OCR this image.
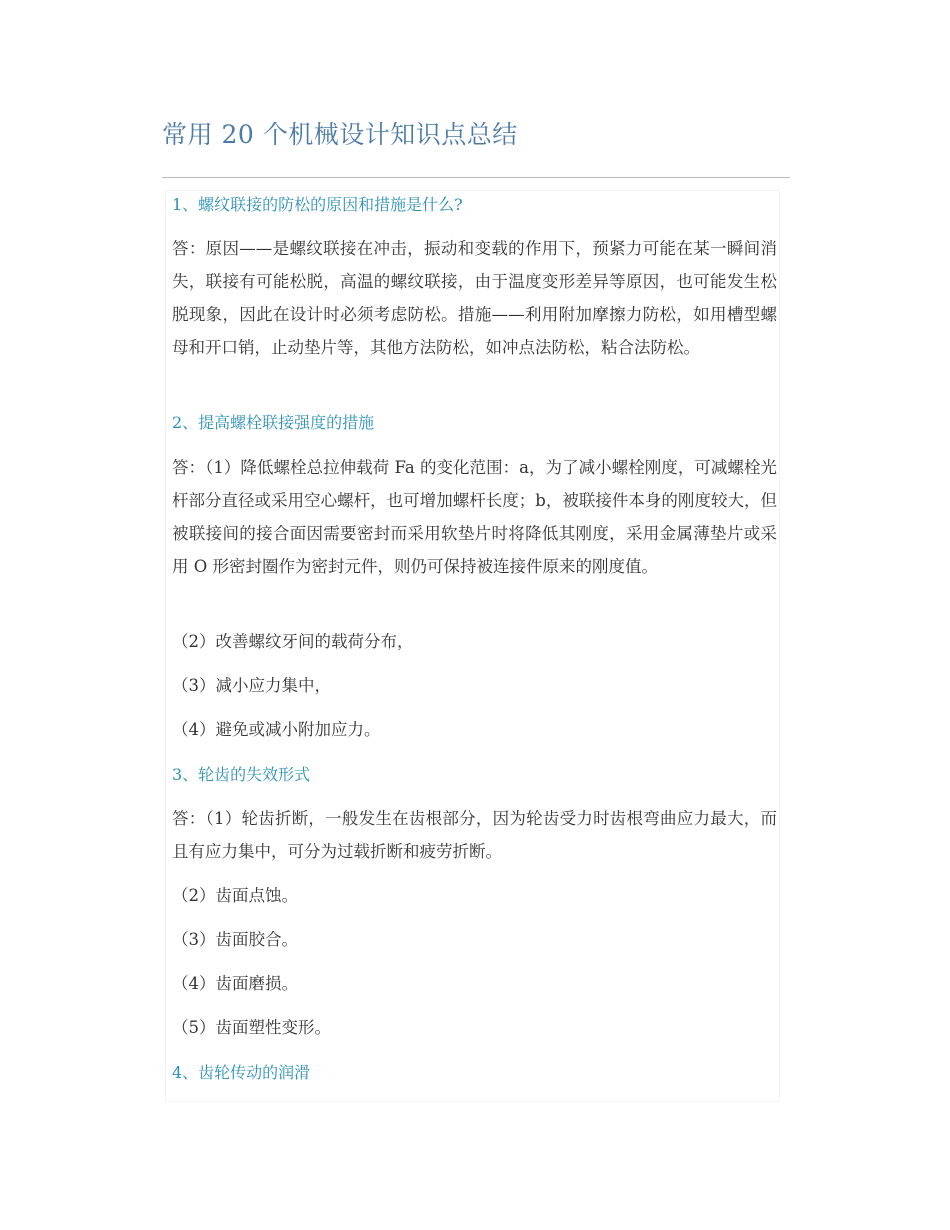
常用 20 个机械设计知识点总结
1、螺纹联接的防松的原因和措施是什么?
答：原因——是螺纹联接在冲击，振动和变载的作用下，预紧力可能在某一瞬间消失，联接有可能松脱，高温的螺纹联接，由于温度变形差异等原因，也可能发生松脱现象，因此在设计时必须考虑防松。措施——利用附加摩擦力防松，如用槽型螺母和开口销，止动垫片等，其他方法防松，如冲点法防松，粘合法防松。
2、提高螺栓联接强度的措施
答：（1）降低螺栓总拉伸载荷 Fa 的变化范围：a，为了减小螺栓刚度，可减螺栓光杆部分直径或采用空心螺杆，也可增加螺杆长度；b，被联接件本身的刚度较大，但被联接间的接合面因需要密封而采用软垫片时将降低其刚度，采用金属薄垫片或采用 O 形密封圈作为密封元件，则仍可保持被连接件原来的刚度值。
（2）改善螺纹牙间的载荷分布，
（3）减小应力集中，
（4）避免或减小附加应力。
3、轮齿的失效形式
答：（1）轮齿折断，一般发生在齿根部分，因为轮齿受力时齿根弯曲应力最大，而且有应力集中，可分为过载折断和疲劳折断。
（2）齿面点蚀。
（3）齿面胶合。
（4）齿面磨损。
（5）齿面塑性变形。
4、齿轮传动的润滑
